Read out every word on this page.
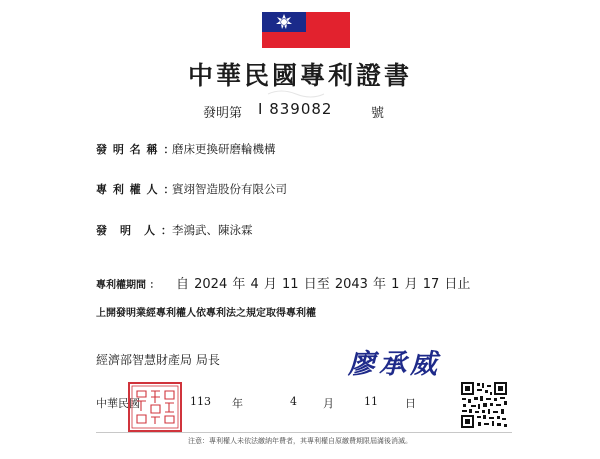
中華民國專利證書
發明第 I 839082	號
發 明 名 稱 ：
磨床更換研磨輪機構
專 利 權 人 ：
賓翊智造股份有限公司
發　明　人 ： 李鴻武、陳泳霖
專利權期間 ： 自 2024 年 4 月 11 日至 2043 年 1 月 17 日止
上開發明業經專利權人依專利法之規定取得專利權
經濟部智慧財產局 局長	廖承威
中華民國	113 年	4 月	11 日
注意：專利權人未依法繳納年費者，其專利權自原繳費期限屆滿後消滅。
